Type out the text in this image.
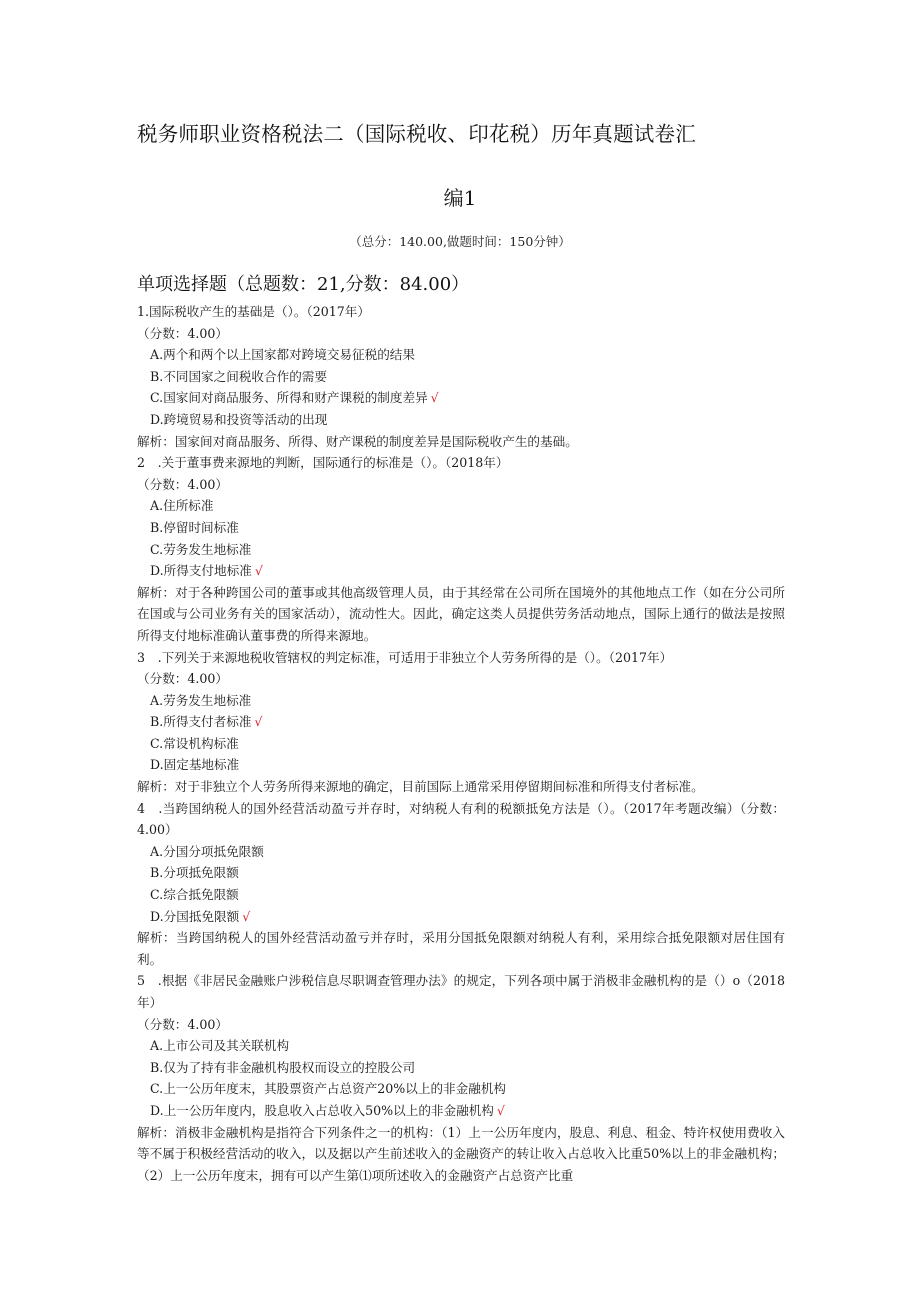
税务师职业资格税法二（国际税收、印花税）历年真题试卷汇
编1
（总分：140.00,做题时间：150分钟）
单项选择题（总题数：21,分数：84.00）
1.国际税收产生的基础是（）。（2017年）
（分数：4.00）
A.两个和两个以上国家都对跨境交易征税的结果
B.不同国家之间税收合作的需要
C.国家间对商品服务、所得和财产课税的制度差异 √
D.跨境贸易和投资等活动的出现
解析：国家间对商品服务、所得、财产课税的制度差异是国际税收产生的基础。
2　.关于董事费来源地的判断，国际通行的标准是（）。（2018年）
（分数：4.00）
A.住所标准
B.停留时间标准
C.劳务发生地标准
D.所得支付地标准 √
解析：对于各种跨国公司的董事或其他高级管理人员，由于其经常在公司所在国境外的其他地点工作（如在分公司所在国或与公司业务有关的国家活动），流动性大。因此，确定这类人员提供劳务活动地点，国际上通行的做法是按照所得支付地标准确认董事费的所得来源地。
3　.下列关于来源地税收管辖权的判定标准，可适用于非独立个人劳务所得的是（）。（2017年）
（分数：4.00）
A.劳务发生地标准
B.所得支付者标准 √
C.常设机构标准
D.固定基地标准
解析：对于非独立个人劳务所得来源地的确定，目前国际上通常采用停留期间标准和所得支付者标准。
4　.当跨国纳税人的国外经营活动盈亏并存时，对纳税人有利的税额抵免方法是（）。（2017年考题改编）（分数：4.00）
A.分国分项抵免限额
B.分项抵免限额
C.综合抵免限额
D.分国抵免限额 √
解析：当跨国纳税人的国外经营活动盈亏并存时，采用分国抵免限额对纳税人有利，采用综合抵免限额对居住国有利。
5　.根据《非居民金融账户涉税信息尽职调查管理办法》的规定，下列各项中属于消极非金融机构的是（）o（2018年）
（分数：4.00）
A.上市公司及其关联机构
B.仅为了持有非金融机构股权而设立的控股公司
C.上一公历年度末，其股票资产占总资产20%以上的非金融机构
D.上一公历年度内，股息收入占总收入50%以上的非金融机构 √
解析：消极非金融机构是指符合下列条件之一的机构：（1）上一公历年度内，股息、利息、租金、特许权使用费收入等不属于积极经营活动的收入，以及据以产生前述收入的金融资产的转让收入占总收入比重50%以上的非金融机构；（2）上一公历年度末，拥有可以产生第⑴项所述收入的金融资产占总资产比重
